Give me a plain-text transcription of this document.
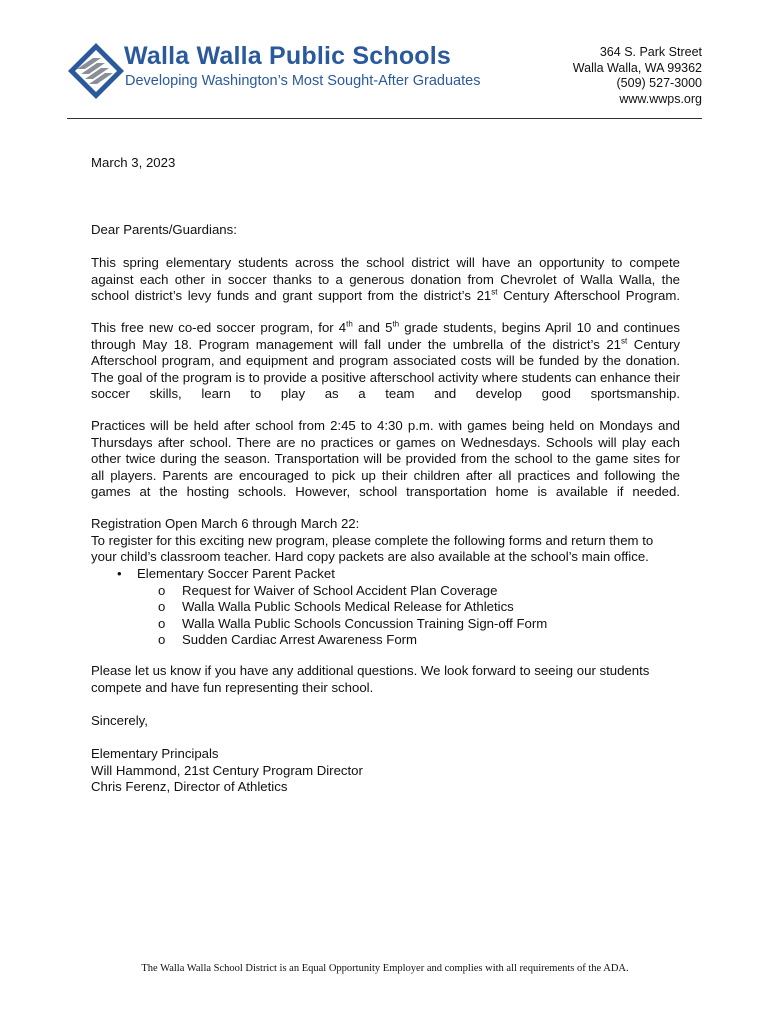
Walla Walla Public Schools
Developing Washington’s Most Sought-After Graduates
364 S. Park Street
Walla Walla, WA 99362
(509) 527-3000
www.wwps.org
March 3, 2023
Dear Parents/Guardians:

This spring elementary students across the school district will have an opportunity to compete against each other in soccer thanks to a generous donation from Chevrolet of Walla Walla, the school district’s levy funds and grant support from the district’s 21st Century Afterschool Program.

This free new co-ed soccer program, for 4th and 5th grade students, begins April 10 and continues through May 18. Program management will fall under the umbrella of the district’s 21st Century Afterschool program, and equipment and program associated costs will be funded by the donation. The goal of the program is to provide a positive afterschool activity where students can enhance their soccer skills, learn to play as a team and develop good sportsmanship.

Practices will be held after school from 2:45 to 4:30 p.m. with games being held on Mondays and Thursdays after school. There are no practices or games on Wednesdays. Schools will play each other twice during the season. Transportation will be provided from the school to the game sites for all players. Parents are encouraged to pick up their children after all practices and following the games at the hosting schools. However, school transportation home is available if needed.

Registration Open March 6 through March 22:
To register for this exciting new program, please complete the following forms and return them to your child’s classroom teacher. Hard copy packets are also available at the school’s main office.
• Elementary Soccer Parent Packet
o Request for Waiver of School Accident Plan Coverage
o Walla Walla Public Schools Medical Release for Athletics
o Walla Walla Public Schools Concussion Training Sign-off Form
o Sudden Cardiac Arrest Awareness Form

Please let us know if you have any additional questions. We look forward to seeing our students compete and have fun representing their school.

Sincerely,
Elementary Principals
Will Hammond, 21st Century Program Director
Chris Ferenz, Director of Athletics
The Walla Walla School District is an Equal Opportunity Employer and complies with all requirements of the ADA.
